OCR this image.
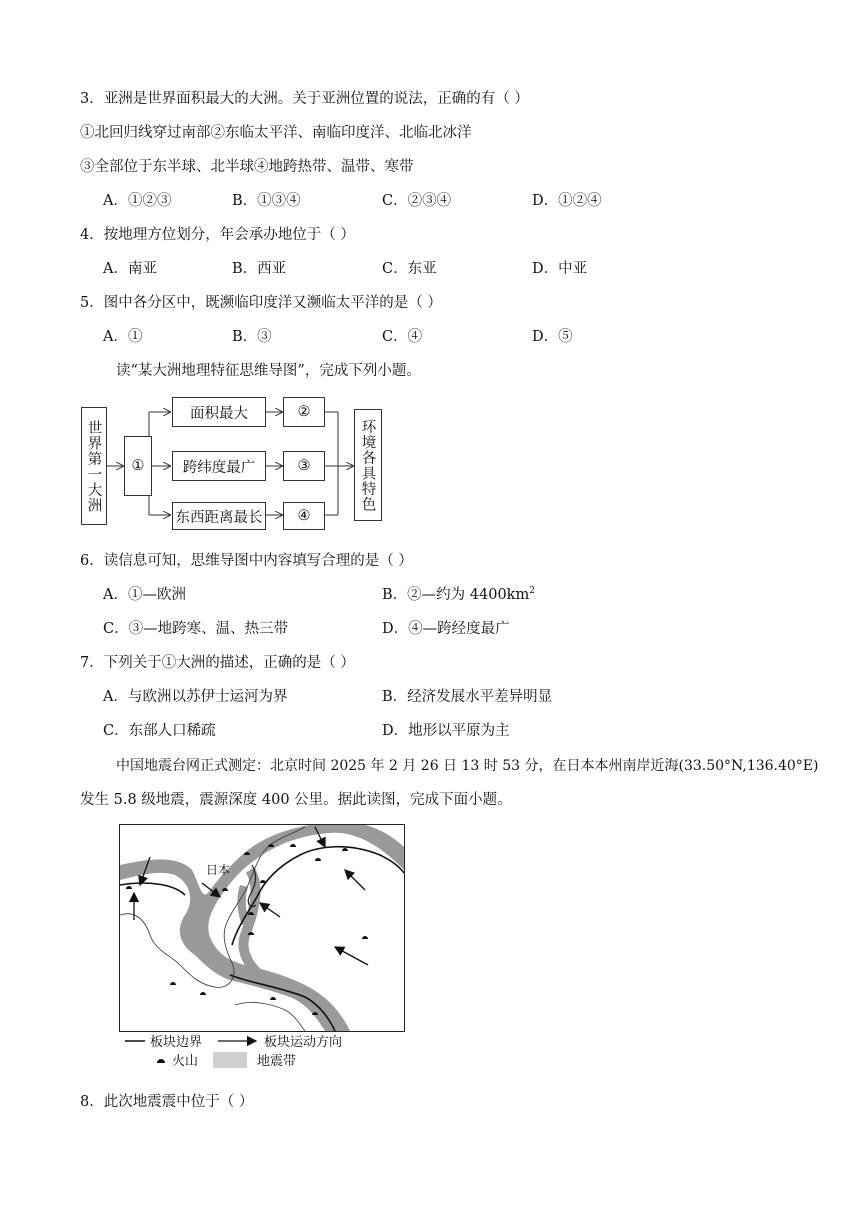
3．亚洲是世界面积最大的大洲。关于亚洲位置的说法，正确的有（ ）
①北回归线穿过南部②东临太平洋、南临印度洋、北临北冰洋
③全部位于东半球、北半球④地跨热带、温带、寒带
A．①②③	B．①③④	C．②③④	D．①②④
4．按地理方位划分，年会承办地位于（ ）
A．南亚	B．西亚	C．东亚	D．中亚
5．图中各分区中，既濒临印度洋又濒临太平洋的是（ ）
A．①	B．③	C．④	D．⑤
读“某大洲地理特征思维导图”，完成下列小题。
世界第一大洲	①
面积最大
跨纬度最广
东西距离最长
②
③
④
环境各具特色
6．读信息可知，思维导图中内容填写合理的是（ ）
A．①—欧洲	B．②—约为 $4400km^2$
C．③—地跨寒、温、热三带	D．④—跨经度最广
7．下列关于①大洲的描述，正确的是（ ）
A．与欧洲以苏伊士运河为界	B．经济发展水平差异明显
C．东部人口稀疏	D．地形以平原为主
中国地震台网正式测定：北京时间 2025 年 2 月 26 日 13 时 53 分，在日本本州南岸近海(33.50°N,136.40°E)
发生 5.8 级地震，震源深度 400 公里。据此读图，完成下面小题。
日本
板块边界	板块运动方向
火山	地震带
8．此次地震震中位于（ ）
